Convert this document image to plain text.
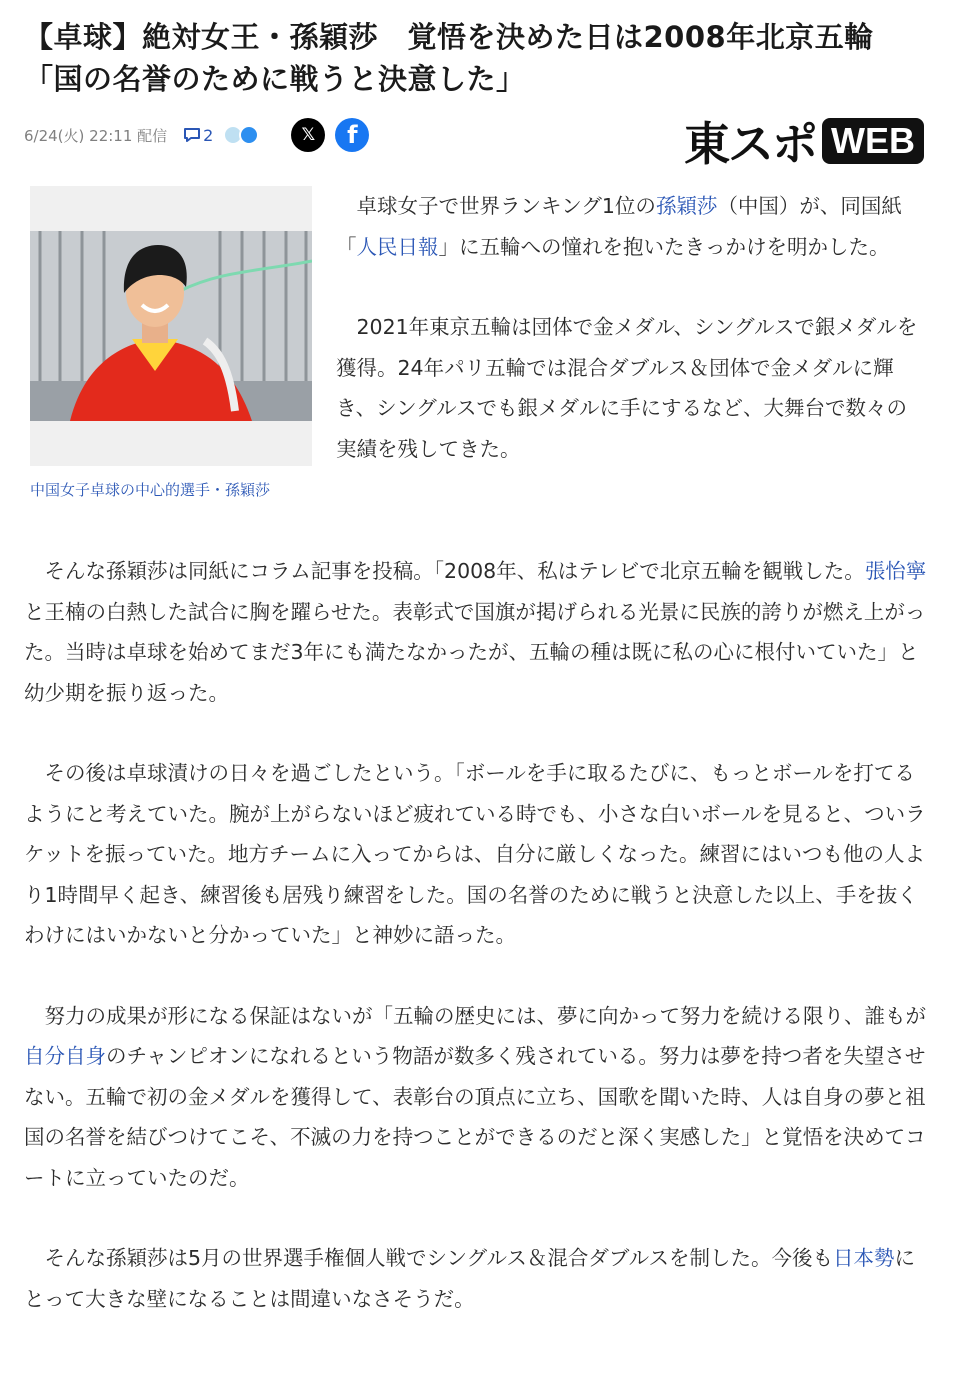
【卓球】絶対女王・孫穎莎　覚悟を決めた日は2008年北京五輪「国の名誉のために戦うと決意した」
6/24(火) 22:11 配信 2	𝕏 f	東スポ WEB
中国女子卓球の中心的選手・孫穎莎

　卓球女子で世界ランキング1位の孫穎莎（中国）が、同国紙「人民日報」に五輪への憧れを抱いたきっかけを明かした。

　2021年東京五輪は団体で金メダル、シングルスで銀メダルを獲得。24年パリ五輪では混合ダブルス＆団体で金メダルに輝き、シングルスでも銀メダルに手にするなど、大舞台で数々の実績を残してきた。

　そんな孫穎莎は同紙にコラム記事を投稿。「2008年、私はテレビで北京五輪を観戦した。張怡寧と王楠の白熱した試合に胸を躍らせた。表彰式で国旗が掲げられる光景に民族的誇りが燃え上がった。当時は卓球を始めてまだ3年にも満たなかったが、五輪の種は既に私の心に根付いていた」と幼少期を振り返った。

　その後は卓球漬けの日々を過ごしたという。「ボールを手に取るたびに、もっとボールを打てるようにと考えていた。腕が上がらないほど疲れている時でも、小さな白いボールを見ると、ついラケットを振っていた。地方チームに入ってからは、自分に厳しくなった。練習にはいつも他の人より1時間早く起き、練習後も居残り練習をした。国の名誉のために戦うと決意した以上、手を抜くわけにはいかないと分かっていた」と神妙に語った。

　努力の成果が形になる保証はないが「五輪の歴史には、夢に向かって努力を続ける限り、誰もが自分自身のチャンピオンになれるという物語が数多く残されている。努力は夢を持つ者を失望させない。五輪で初の金メダルを獲得して、表彰台の頂点に立ち、国歌を聞いた時、人は自身の夢と祖国の名誉を結びつけてこそ、不滅の力を持つことができるのだと深く実感した」と覚悟を決めてコートに立っていたのだ。

　そんな孫穎莎は5月の世界選手権個人戦でシングルス＆混合ダブルスを制した。今後も日本勢にとって大きな壁になることは間違いなさそうだ。
